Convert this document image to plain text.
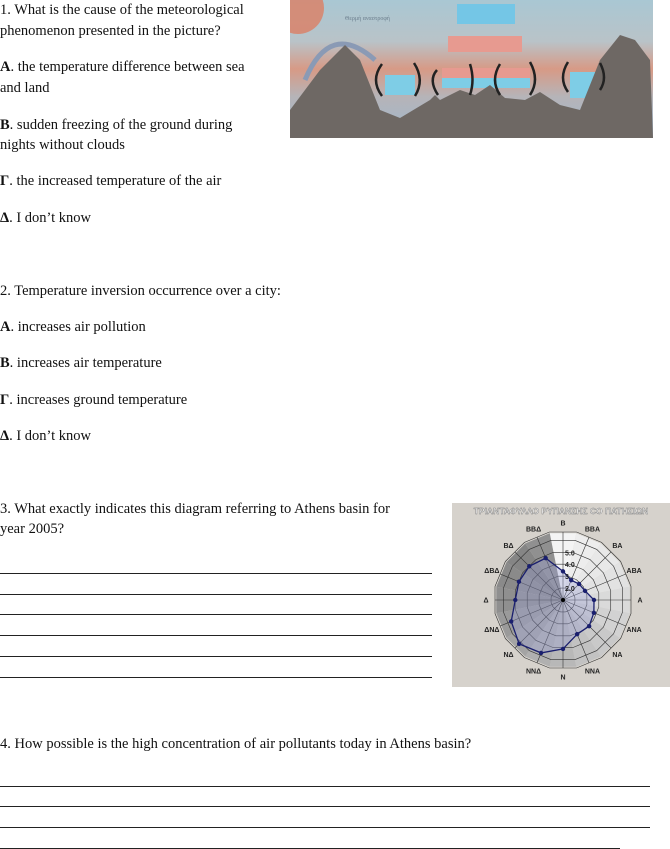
1. What is the cause of the meteorological
phenomenon presented in the picture?
A. the temperature difference between sea
and land
B. sudden freezing of the ground during
nights without clouds
Γ. the increased temperature of the air
Δ. I don’t know
Θερμή αναστροφή
2. Temperature inversion occurrence over a city:
A. increases air pollution
B. increases air temperature
Γ. increases ground temperature
Δ. I don’t know
3. What exactly indicates this diagram referring to Athens basin for
year 2005?
ΤΡΙΑΝΤΑΦΥΛΛΟ ΡΥΠΑΝΣΗΣ CO ΠΑΤΗΣΙΩΝ
2.0
3
4.0
5.0
Β
ΒΒΑ
ΒΑ
ΑΒΑ
Α
ΑΝΑ
ΝΑ
ΝΝΑ
Ν
ΝΝΔ
ΝΔ
ΔΝΔ
Δ
ΔΒΔ
ΒΔ
ΒΒΔ
4. How possible is the high concentration of air pollutants today in Athens basin?
